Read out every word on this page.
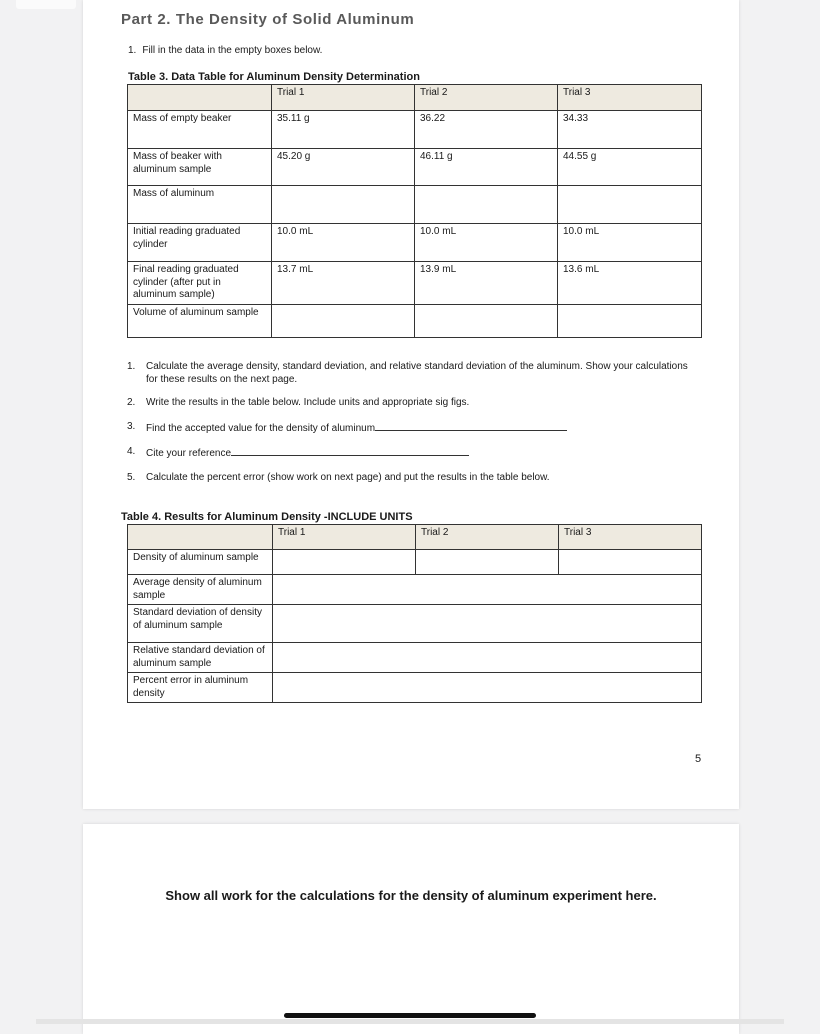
Part 2. The Density of Solid Aluminum
1. Fill in the data in the empty boxes below.

Table 3. Data Table for Aluminum Density Determination

	Trial 1	Trial 2	Trial 3
Mass of empty beaker	35.11 g	36.22	34.33
Mass of beaker with aluminum sample	45.20 g	46.11 g	44.55 g
Mass of aluminum			
Initial reading graduated cylinder	10.0 mL	10.0 mL	10.0 mL
Final reading graduated cylinder (after put in aluminum sample)	13.7 mL	13.9 mL	13.6 mL
Volume of aluminum sample			
1. Calculate the average density, standard deviation, and relative standard deviation of the aluminum. Show your calculations for these results on the next page.
2. Write the results in the table below. Include units and appropriate sig figs.
3. Find the accepted value for the density of aluminum
4. Cite your reference
5. Calculate the percent error (show work on next page) and put the results in the table below.

Table 4. Results for Aluminum Density -INCLUDE UNITS

	Trial 1	Trial 2	Trial 3
Density of aluminum sample			
Average density of aluminum sample			
Standard deviation of density of aluminum sample			
Relative standard deviation of aluminum sample			
Percent error in aluminum density			
5

Show all work for the calculations for the density of aluminum experiment here.
